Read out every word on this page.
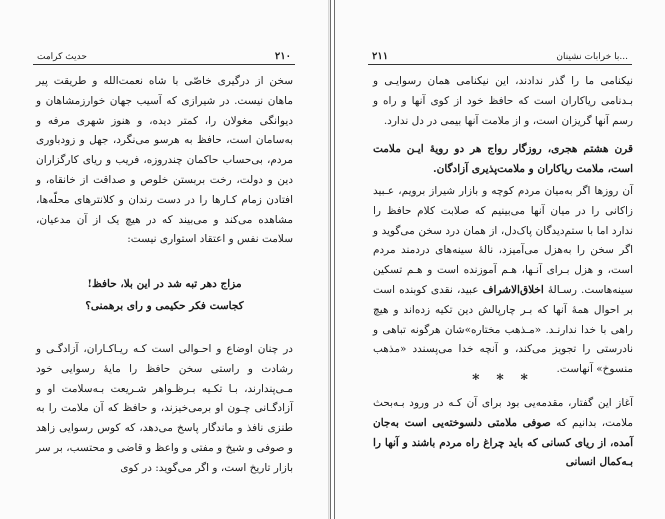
۲۱۰
حدیث کرامت

سخن از درگیری خاصّی با شاه نعمت‌الله و طریقت پیر ماهان نیست. در شیرازی که آسیب جهان خوارزمشاهان و دیوانگی مغولان را، کمتر دیده، و هنوز شهری مرفه و به‌سامان است، حافظ به هرسو می‌نگرد، جهل و زودباوری مردم، بی‌حساب حاکمان چندروزه، فریب و ریای کارگزاران دین و دولت، رخت بربستن خلوص و صداقت از خانقاه، و افتادن زمام کـارها را در دست رندان و کلانترهای محلّه‌ها، مشاهده می‌کند و می‌بیند که در هیچ یک از آن مدعیان، سلامت نفس و اعتقاد استواری نیست:

مزاج دهر تبه شد در این بلا، حافظ!
کجاست فکر حکیمی و رای برهمنی؟

در چنان اوضاع و احـوالی است کـه ریـاکـاران، آزادگـی و رشادت و راستی سخن حافظ را مایهٔ رسوایی خود مـی‌پندارند، بـا تکـیه بـرظـواهر شـریعت بـه‌سلامت او و آزادگـانی چـون او برمی‌خیزند، و حافظ که آن ملامت را به طنزی نافذ و ماندگار پاسخ می‌دهد، که کوس رسوایی زاهد و صوفی و شیخ و مفتی و واعظ و قاضی و محتسب، بر سر بازار تاریخ است، و اگر می‌گوید: در کوی

نیکنامی ما را گذر ندادند، این نیکنامی همان رسوایـی و بـدنامی ریاکاران است که حافظ خود از کوی آنها و راه و رسم آنها گریزان است، و از ملامت آنها بیمی در دل ندارد.

۲۱۱	با خرابات نشینان...

قرن هشتم هجری، روزگار رواج هر دو رویهٔ ایـن ملامت است، ملامت ریاکاران و ملامت‌پذیری آزادگان.

آن روزها اگر به‌میان مردم کوچه و بازار شیراز برویم، عـبید زاکانی را در میان آنها می‌بینیم که صلابت کلام حافظ را ندارد اما با ستم‌دیدگان پاک‌دل، از همان درد سخن می‌گوید و اگر سخن را به‌هزل می‌آمیزد، نالهٔ سینه‌های دردمند مردم است، و هزل بـرای آنـها، هـم آموزنده است و هـم تسکین سینه‌هاست. رسـالهٔ اخلاق‌الاشراف عبید، نقدی کوبنده است بر احوال همهٔ آنها که بـر چارپالش دین تکیه زده‌اند و هیچ راهی با خدا ندارنـد. «مـذهب مختاره»شان هرگونه تباهی و نادرستی را تجویز می‌کند، و آنچه خدا می‌پسندد «مذهب منسوخ» آنهاست.

* * *

آغاز این گفتار، مقدمه‌یی بود برای آن کـه در ورود بـه‌بحث ملامت، بدانیم که صوفی ملامتی دلسوخته‌یی است به‌جان آمده، از ریای کسانی که باید چراغ راه مردم باشند و آنها را بـه‌کمال انسانی
